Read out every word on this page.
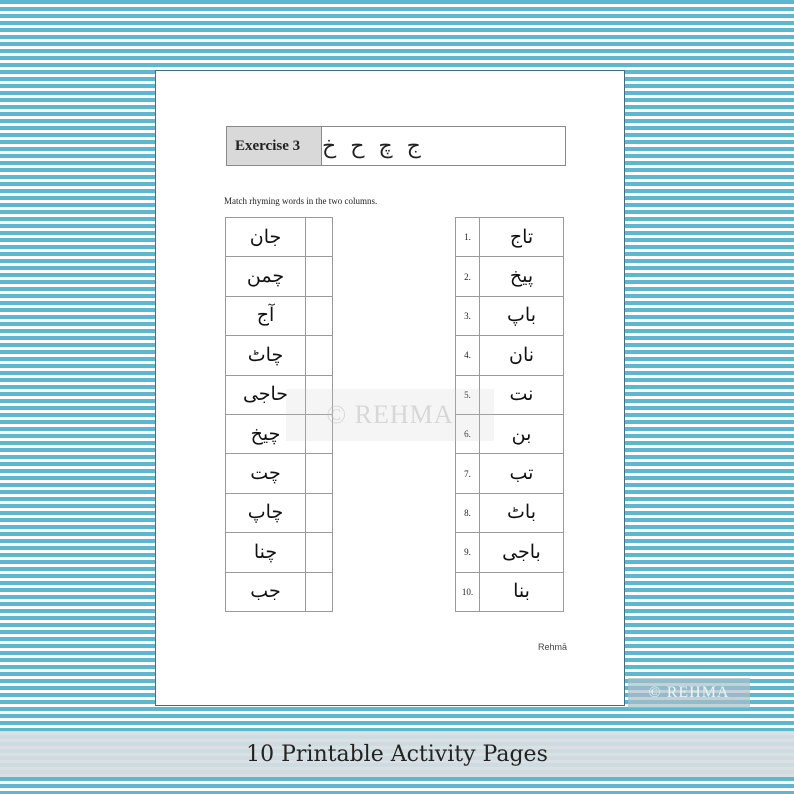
Exercise 3	ج
چ
ح
خ
Match rhyming words in the two columns.
جان	
چمن	
آج	
چاٹ	
حاجی	
چیخ	
چت	
چاپ	
چنا	
جب	
1.	تاج
2.	پیخ
3.	باپ
4.	نان
5.	نت
6.	بن
7.	تب
8.	باٹ
9.	باجی
10.	بنا
© REHMA
Rehmā
© REHMA
10 Printable Activity Pages
